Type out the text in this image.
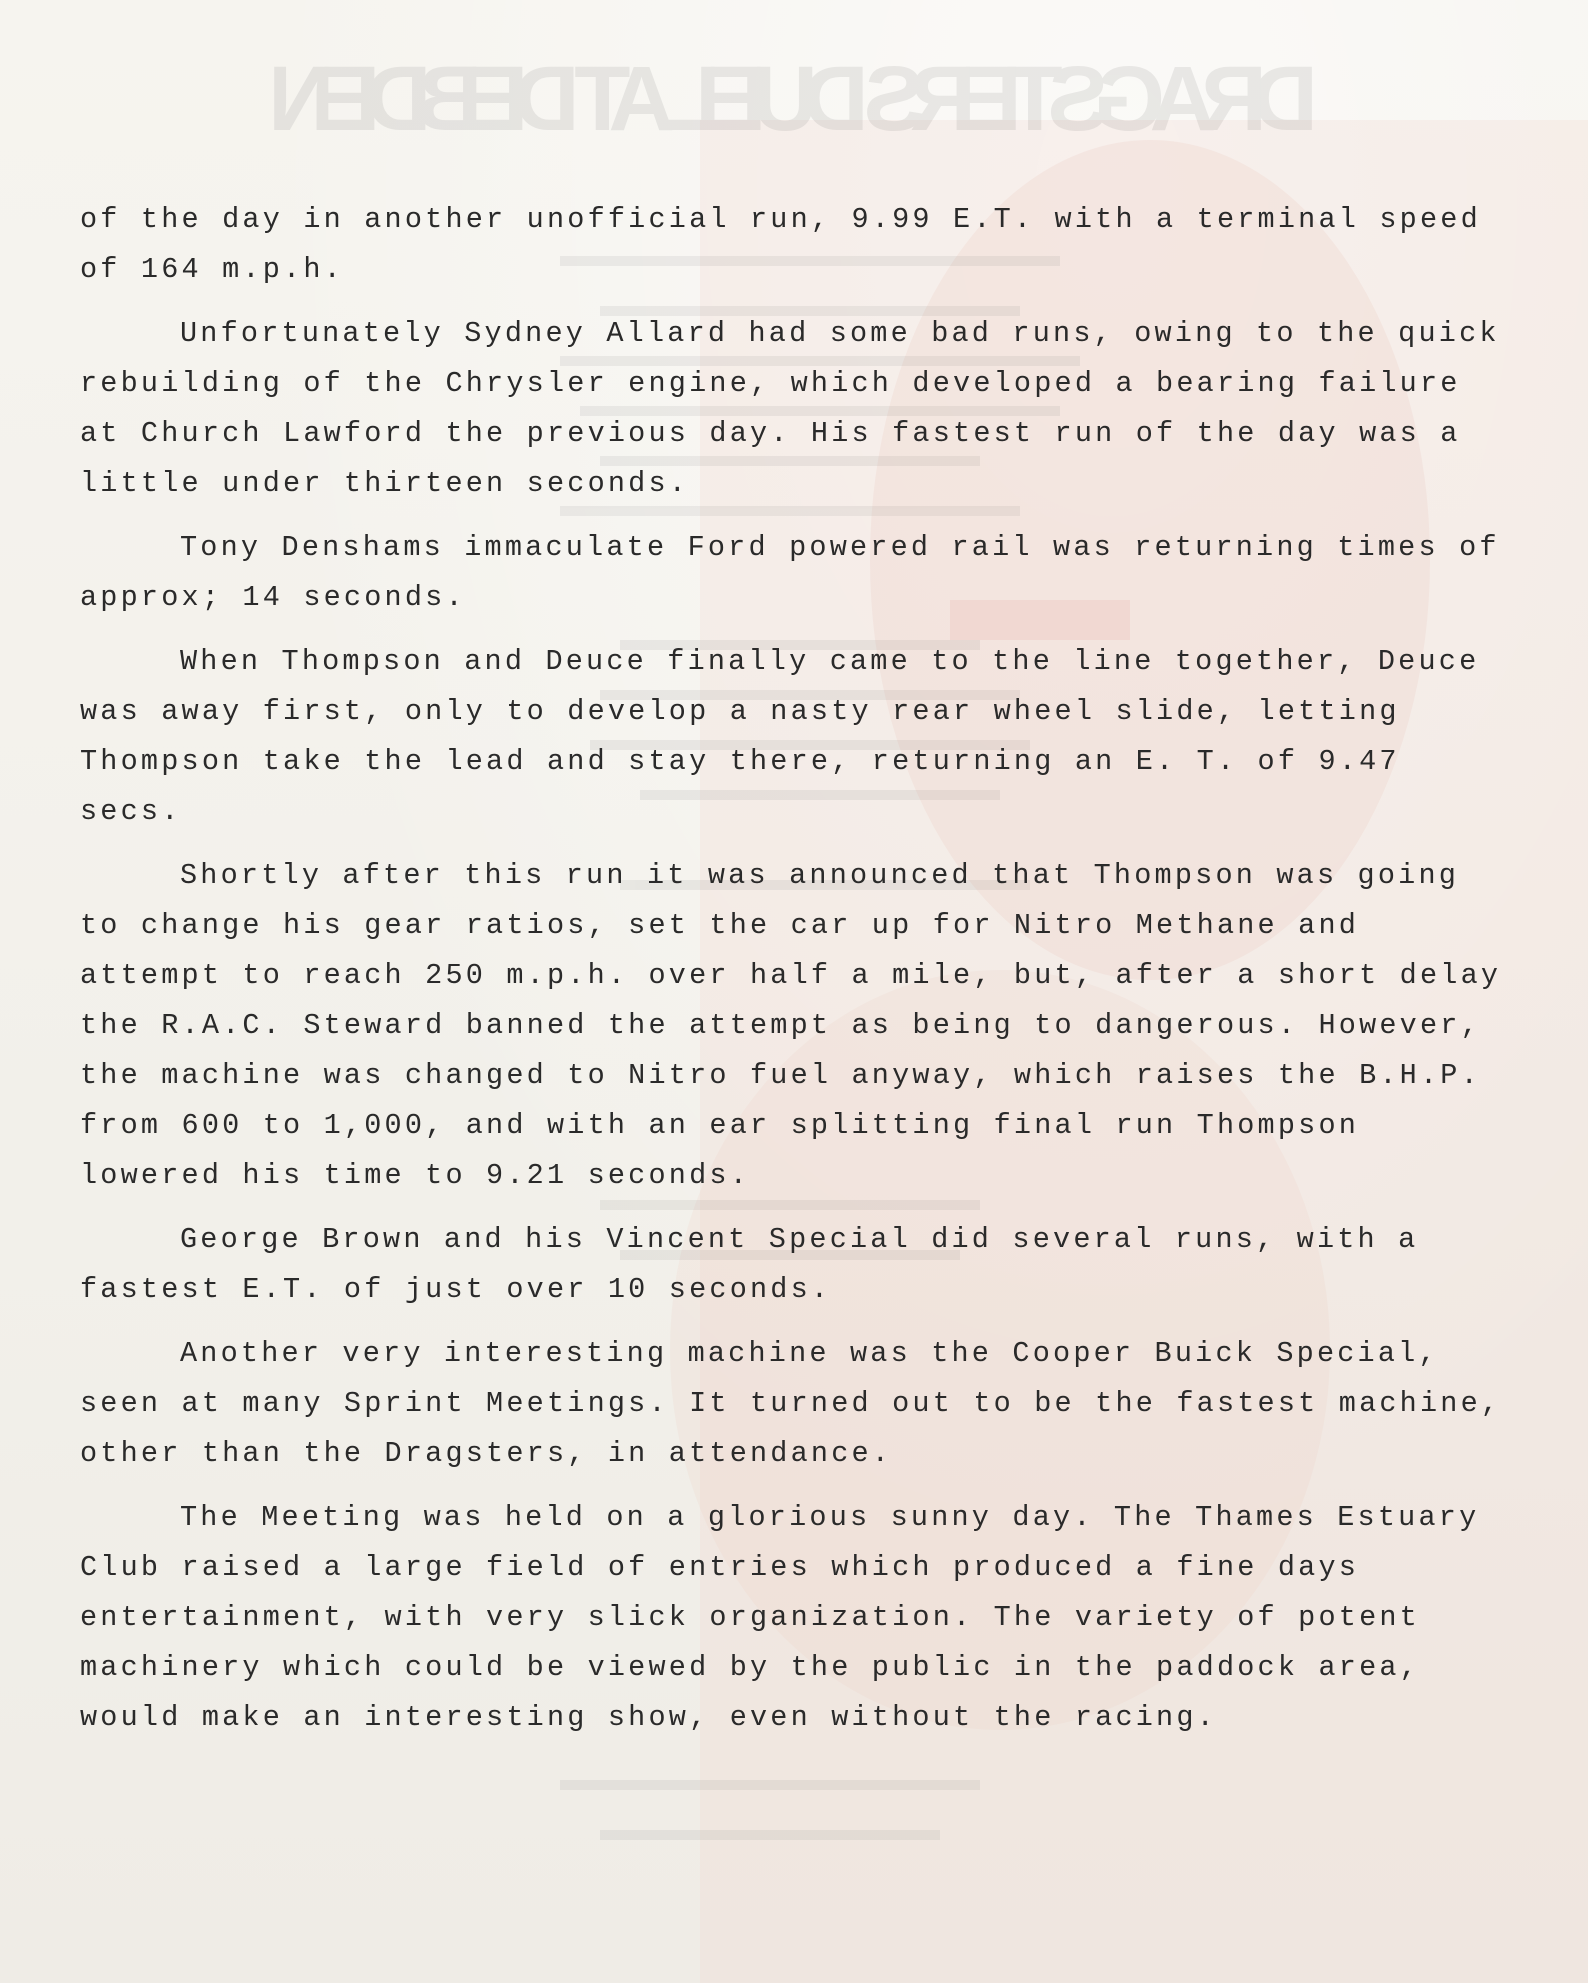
DRAGSTERS DUEL AT DEBDEN

of the day in another unofficial run, 9.99 E.T. with a terminal speed of 164 m.p.h.

Unfortunately Sydney Allard had some bad runs, owing to the quick rebuilding of the Chrysler engine, which developed a bearing failure at Church Lawford the previous day. His fastest run of the day was a little under thirteen seconds.

Tony Denshams immaculate Ford powered rail was returning times of approx; 14 seconds.

When Thompson and Deuce finally came to the line together, Deuce was away first, only to develop a nasty rear wheel slide, letting Thompson take the lead and stay there, returning an E. T. of 9.47 secs.

Shortly after this run it was announced that Thompson was going to change his gear ratios, set the car up for Nitro Methane and attempt to reach 250 m.p.h. over half a mile, but, after a short delay the R.A.C. Steward banned the attempt as being to dangerous. However, the machine was changed to Nitro fuel anyway, which raises the B.H.P. from 600 to 1,000, and with an ear splitting final run Thompson lowered his time to 9.21 seconds.

George Brown and his Vincent Special did several runs, with a fastest E.T. of just over 10 seconds.

Another very interesting machine was the Cooper Buick Special, seen at many Sprint Meetings. It turned out to be the fastest machine, other than the Dragsters, in attendance.

The Meeting was held on a glorious sunny day. The Thames Estuary Club raised a large field of entries which produced a fine days entertainment, with very slick organization. The variety of potent machinery which could be viewed by the public in the paddock area, would make an interesting show, even without the racing.
